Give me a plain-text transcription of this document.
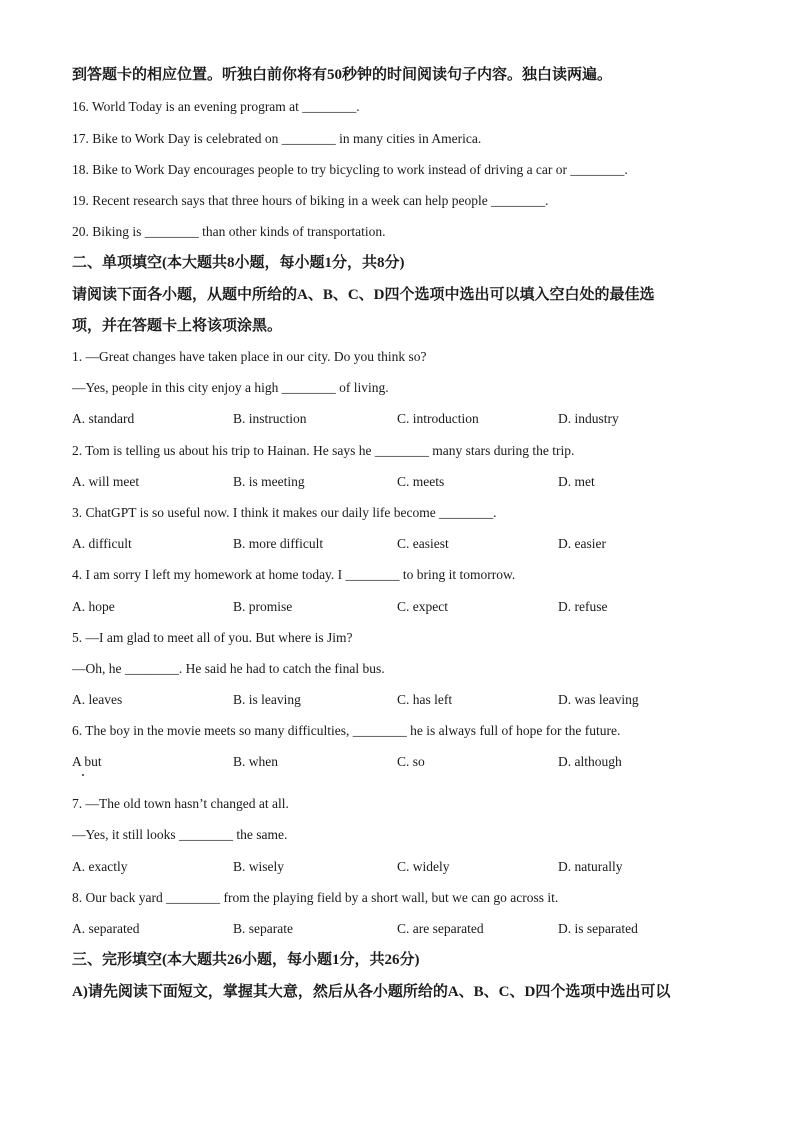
到答题卡的相应位置。听独白前你将有50秒钟的时间阅读句子内容。独白读两遍。
16. World Today is an evening program at ________.
17. Bike to Work Day is celebrated on ________ in many cities in America.
18. Bike to Work Day encourages people to try bicycling to work instead of driving a car or ________.
19. Recent research says that three hours of biking in a week can help people ________.
20. Biking is ________ than other kinds of transportation.
二、单项填空(本大题共8小题，每小题1分，共8分)
请阅读下面各小题，从题中所给的A、B、C、D四个选项中选出可以填入空白处的最佳选
项，并在答题卡上将该项涂黑。
1. —Great changes have taken place in our city. Do you think so?
—Yes, people in this city enjoy a high ________ of living.
A. standard	B. instruction	C. introduction	D. industry
2. Tom is telling us about his trip to Hainan. He says he ________ many stars during the trip.
A. will meet	B. is meeting	C. meets	D. met
3. ChatGPT is so useful now. I think it makes our daily life become ________.
A. difficult	B. more difficult	C. easiest	D. easier
4. I am sorry I left my homework at home today. I ________ to bring it tomorrow.
A. hope	B. promise	C. expect	D. refuse
5. —I am glad to meet all of you. But where is Jim?
—Oh, he ________. He said he had to catch the final bus.
A. leaves	B. is leaving	C. has left	D. was leaving
6. The boy in the movie meets so many difficulties, ________ he is always full of hope for the future.
A but	B. when	C. so	D. although
7. —The old town hasn’t changed at all.
—Yes, it still looks ________ the same.
A. exactly	B. wisely	C. widely	D. naturally
8. Our back yard ________ from the playing field by a short wall, but we can go across it.
A. separated	B. separate	C. are separated	D. is separated
三、完形填空(本大题共26小题，每小题1分，共26分)
A)请先阅读下面短文，掌握其大意，然后从各小题所给的A、B、C、D四个选项中选出可以
